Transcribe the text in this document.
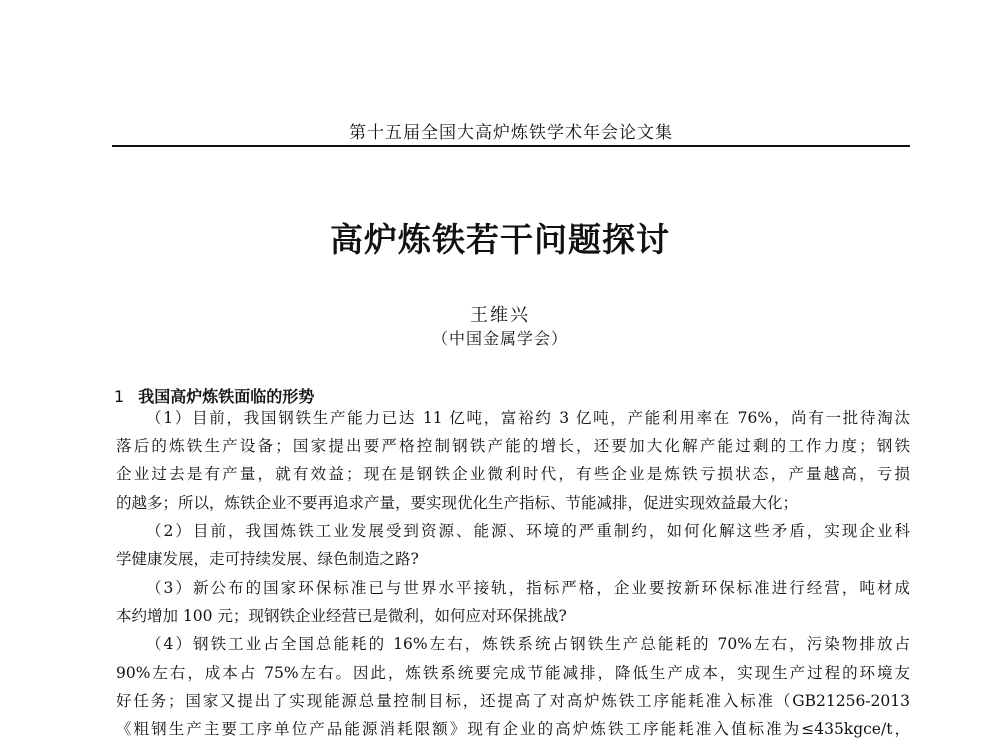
第十五届全国大高炉炼铁学术年会论文集
高炉炼铁若干问题探讨
王维兴
（中国金属学会）
1 我国高炉炼铁面临的形势
（1）目前，我国钢铁生产能力已达 11 亿吨，富裕约 3 亿吨，产能利用率在 76%，尚有一批待淘汰
落后的炼铁生产设备；国家提出要严格控制钢铁产能的增长，还要加大化解产能过剩的工作力度；钢铁
企业过去是有产量，就有效益；现在是钢铁企业微利时代，有些企业是炼铁亏损状态，产量越高，亏损
的越多；所以，炼铁企业不要再追求产量，要实现优化生产指标、节能减排，促进实现效益最大化；
（2）目前，我国炼铁工业发展受到资源、能源、环境的严重制约，如何化解这些矛盾，实现企业科
学健康发展，走可持续发展、绿色制造之路?
（3）新公布的国家环保标准已与世界水平接轨，指标严格，企业要按新环保标准进行经营，吨材成
本约增加 100 元；现钢铁企业经营已是微利，如何应对环保挑战?
（4）钢铁工业占全国总能耗的 16%左右，炼铁系统占钢铁生产总能耗的 70%左右，污染物排放占
90%左右，成本占 75%左右。因此，炼铁系统要完成节能减排，降低生产成本，实现生产过程的环境友
好任务；国家又提出了实现能源总量控制目标，还提高了对高炉炼铁工序能耗准入标准（GB21256-2013
《粗钢生产主要工序单位产品能源消耗限额》现有企业的高炉炼铁工序能耗准入值标准为≤435kgce/t，
